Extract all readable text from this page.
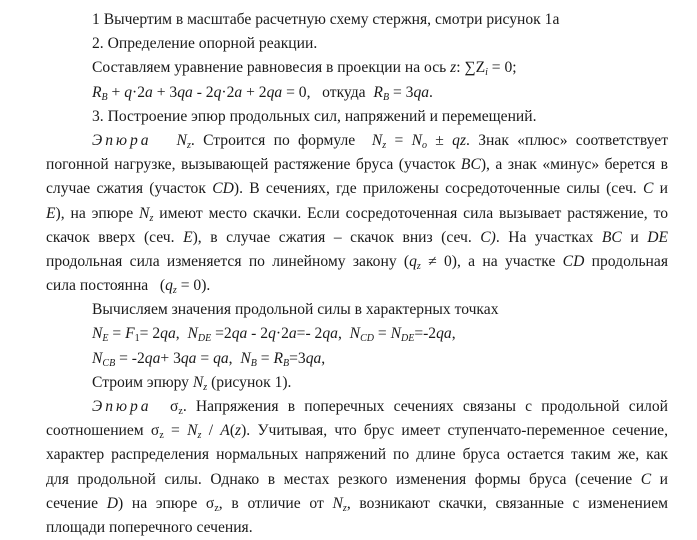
1 Вычертим в масштабе расчетную схему стержня, смотри рисунок 1а
2. Определение опорной реакции.
Составляем уравнение равновесия в проекции на ось z: $\sum Z_i = 0$;
$R_B + q\cdot 2a + 3qa - 2q\cdot 2a + 2qa = 0$,   откуда  $R_B = 3qa$.
3. Построение эпюр продольных сил, напряжений и перемещений.
Эпюра $N_z$. Строится по формуле  $N_z = N_o$ ± qz. Знак «плюс» соответствует
погонной нагрузке, вызывающей растяжение бруса (участок BC), а знак «минус» берется в
случае сжатия (участок CD). В сечениях, где приложены сосредоточенные силы (сеч. C и
E), на эпюре $N_z$ имеют место скачки. Если сосредоточенная сила вызывает растяжение, то
скачок вверх (сеч. E), в случае сжатия – скачок вниз (сеч. C). На участках BC и DE
продольная сила изменяется по линейному закону $(q_z \ne 0)$, а на участке CD продольная
сила постоянна   $(q_z = 0)$.
Вычисляем значения продольной силы в характерных точках
$N_E = F_1= 2qa$,  $N_{DE} =2qa - 2q\cdot 2a=-$ 2qa,  $N_{CD} = N_{DE}=-2qa$,
$N_{CB} = -2qa+ 3qa$ = qa,  $N_B = R_B=3qa$,
Строим эпюру $N_z$ (рисунок 1).
Эпюра  $\sigma_z$. Напряжения в поперечных сечениях связаны с продольной силой
соотношением $\sigma_z = N_z / A(z)$. Учитывая, что брус имеет ступенчато-переменное сечение,
характер распределения нормальных напряжений по длине бруса остается таким же, как
для продольной силы. Однако в местах резкого изменения формы бруса (сечение C и
сечение D) на эпюре $\sigma_z$, в отличие от $N_z$, возникают скачки, связанные с изменением
площади поперечного сечения.
